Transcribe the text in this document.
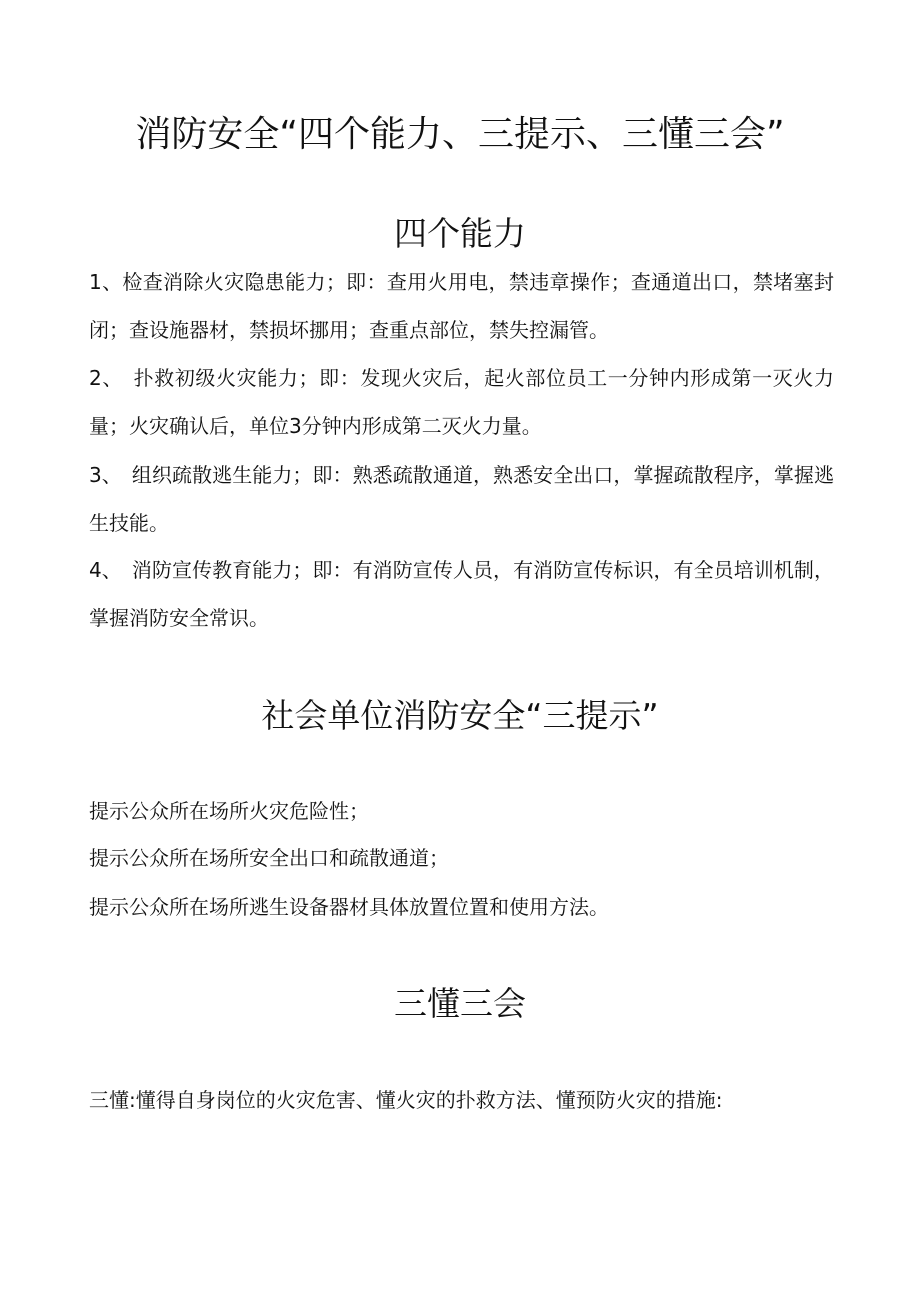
消防安全“四个能力、三提示、三懂三会”
四个能力

1、检查消除火灾隐患能力；即：查用火用电，禁违章操作；查通道出口，禁堵塞封闭；查设施器材，禁损坏挪用；查重点部位，禁失控漏管。

2、　扑救初级火灾能力；即：发现火灾后，起火部位员工一分钟内形成第一灭火力量；火灾确认后，单位3分钟内形成第二灭火力量。

3、　组织疏散逃生能力；即：熟悉疏散通道，熟悉安全出口，掌握疏散程序，掌握逃生技能。

4、　消防宣传教育能力；即：有消防宣传人员，有消防宣传标识，有全员培训机制，掌握消防安全常识。

社会单位消防安全“三提示”

提示公众所在场所火灾危险性；

提示公众所在场所安全出口和疏散通道；

提示公众所在场所逃生设备器材具体放置位置和使用方法。

三懂三会

三懂:懂得自身岗位的火灾危害、懂火灾的扑救方法、懂预防火灾的措施:
